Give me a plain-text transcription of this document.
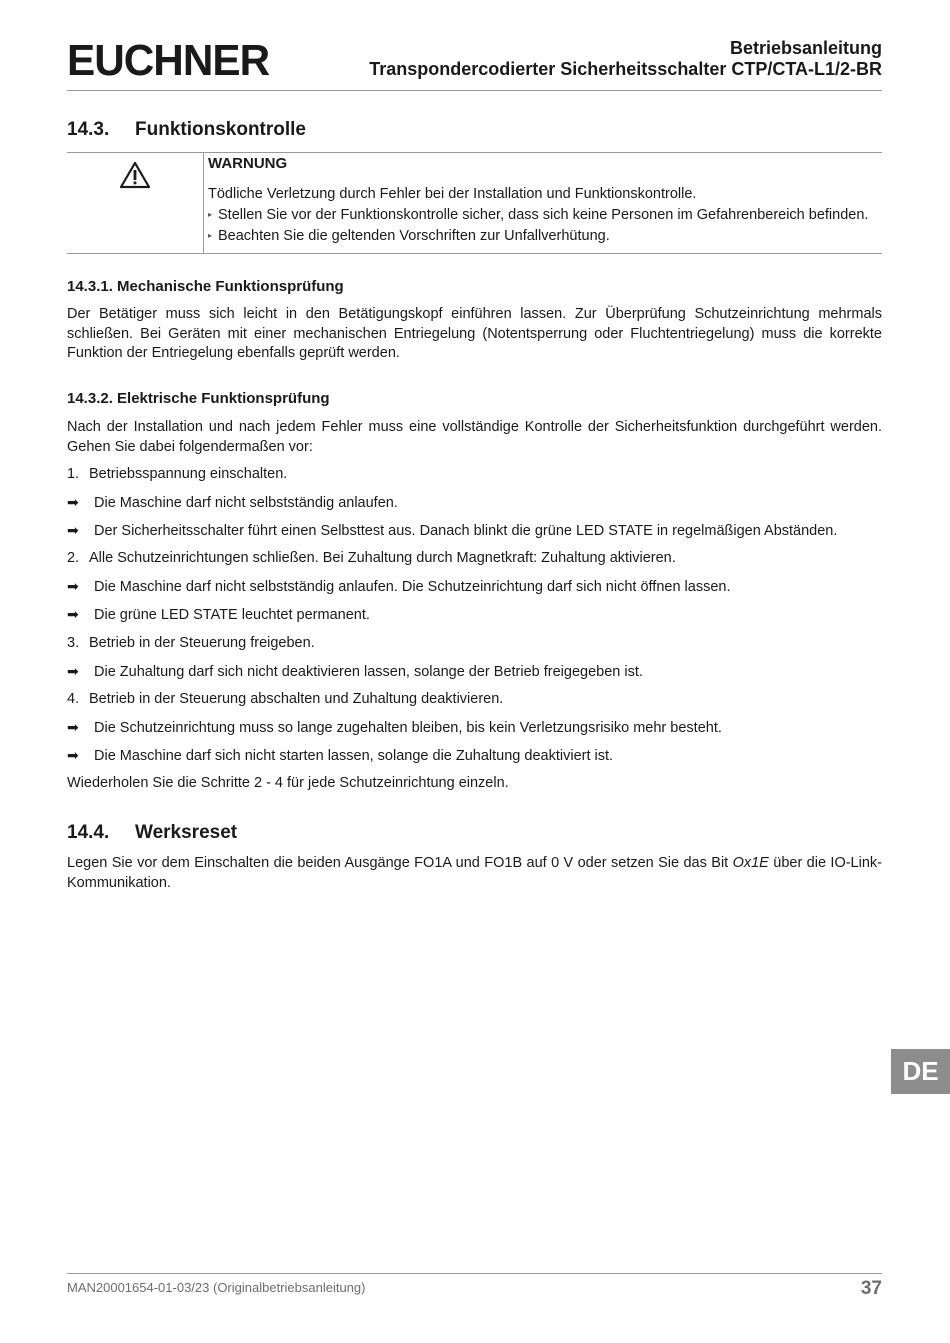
EUCHNER	Betriebsanleitung
Transpondercodierter Sicherheitsschalter CTP/CTA-L1/2-BR
14.3. Funktionskontrolle
WARNUNG
Tödliche Verletzung durch Fehler bei der Installation und Funktionskontrolle.
▸ Stellen Sie vor der Funktionskontrolle sicher, dass sich keine Personen im Gefahrenbereich befinden.
▸ Beachten Sie die geltenden Vorschriften zur Unfallverhütung.
14.3.1. Mechanische Funktionsprüfung

Der Betätiger muss sich leicht in den Betätigungskopf einführen lassen. Zur Überprüfung Schutzeinrichtung mehrmals schließen. Bei Geräten mit einer mechanischen Entriegelung (Notentsperrung oder Fluchtentriegelung) muss die korrekte Funktion der Entriegelung ebenfalls geprüft werden.

14.3.2. Elektrische Funktionsprüfung

Nach der Installation und nach jedem Fehler muss eine vollständige Kontrolle der Sicherheitsfunktion durchgeführt werden. Gehen Sie dabei folgendermaßen vor:

1. Betriebsspannung einschalten.
➡ Die Maschine darf nicht selbstständig anlaufen.
➡ Der Sicherheitsschalter führt einen Selbsttest aus. Danach blinkt die grüne LED STATE in regelmäßigen Abständen.
2. Alle Schutzeinrichtungen schließen. Bei Zuhaltung durch Magnetkraft: Zuhaltung aktivieren.
➡ Die Maschine darf nicht selbstständig anlaufen. Die Schutzeinrichtung darf sich nicht öffnen lassen.
➡ Die grüne LED STATE leuchtet permanent.
3. Betrieb in der Steuerung freigeben.
➡ Die Zuhaltung darf sich nicht deaktivieren lassen, solange der Betrieb freigegeben ist.
4. Betrieb in der Steuerung abschalten und Zuhaltung deaktivieren.
➡ Die Schutzeinrichtung muss so lange zugehalten bleiben, bis kein Verletzungsrisiko mehr besteht.
➡ Die Maschine darf sich nicht starten lassen, solange die Zuhaltung deaktiviert ist.
Wiederholen Sie die Schritte 2 - 4 für jede Schutzeinrichtung einzeln.
14.4. Werksreset

Legen Sie vor dem Einschalten die beiden Ausgänge FO1A und FO1B auf 0 V oder setzen Sie das Bit Ox1E über die IO-Link-Kommunikation.

DE
MAN20001654-01-03/23 (Originalbetriebsanleitung)	37
